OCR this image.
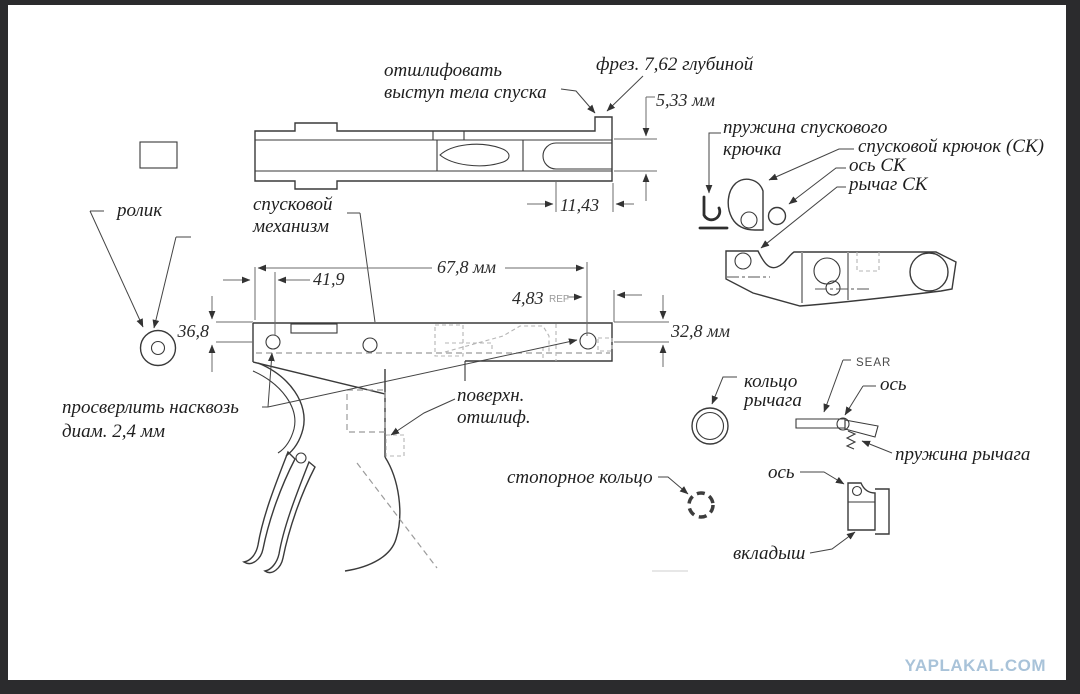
отшлифовать
выступ тела спуска
фрез. 7,62 глубиной
пружина спускового
крючка	спусковой крючок (СК)
ось СК
рычаг СК
ролик	спусковой
механизм
просверлить насквозь
диам. 2,4 мм
поверхн.
отшлиф.
кольцо
рычага
SEAR
ось
пружина рычага
стопорное кольцо	ось
вкладыш
5,33 мм
11,43
67,8 мм
41,9
4,83 REF
36,8	32,8 мм
YAPLAKAL.COM
